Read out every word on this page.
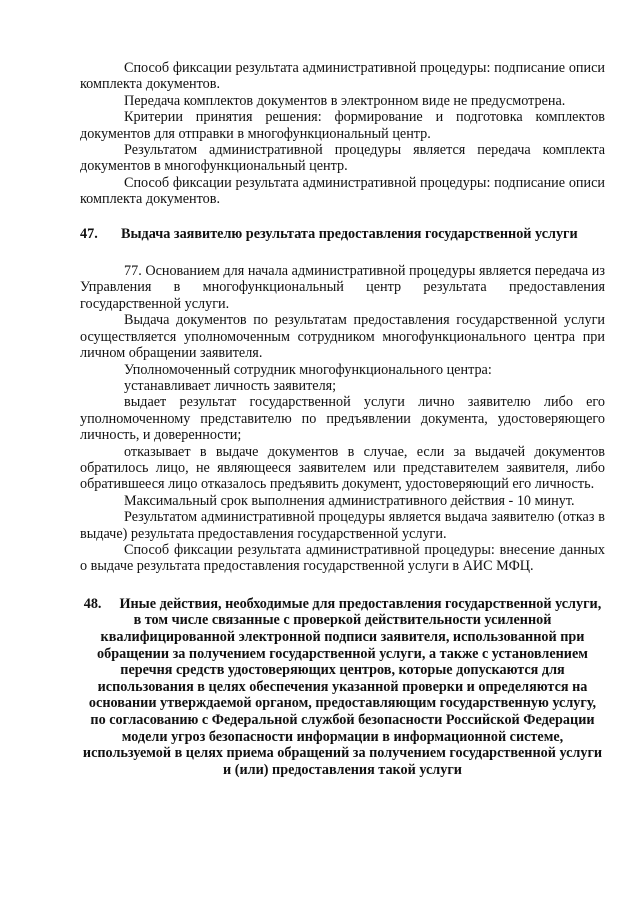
Способ фиксации результата административной процедуры: подписание описи комплекта документов.

Передача комплектов документов в электронном виде не предусмотрена.

Критерии принятия решения: формирование и подготовка комплектов документов для отправки в многофункциональный центр.

Результатом административной процедуры является передача комплекта документов в многофункциональный центр.

Способ фиксации результата административной процедуры: подписание описи комплекта документов.

47.	Выдача заявителю результата предоставления государственной услуги

77. Основанием для начала административной процедуры является передача из Управления в многофункциональный центр результата предоставления государственной услуги.

Выдача документов по результатам предоставления государственной услуги осуществляется уполномоченным сотрудником многофункционального центра при личном обращении заявителя.

Уполномоченный сотрудник многофункционального центра:

устанавливает личность заявителя;

выдает результат государственной услуги лично заявителю либо его уполномоченному представителю по предъявлении документа, удостоверяющего личность, и доверенности;

отказывает в выдаче документов в случае, если за выдачей документов обратилось лицо, не являющееся заявителем или представителем заявителя, либо обратившееся лицо отказалось предъявить документ, удостоверяющий его личность.

Максимальный срок выполнения административного действия - 10 минут.

Результатом административной процедуры является выдача заявителю (отказ в выдаче) результата предоставления государственной услуги.

Способ фиксации результата административной процедуры: внесение данных о выдаче результата предоставления государственной услуги в АИС МФЦ.

48. Иные действия, необходимые для предоставления государственной услуги, в том числе связанные с проверкой действительности усиленной квалифицированной электронной подписи заявителя, использованной при обращении за получением государственной услуги, а также с установлением перечня средств удостоверяющих центров, которые допускаются для использования в целях обеспечения указанной проверки и определяются на основании утверждаемой органом, предоставляющим государственную услугу, по согласованию с Федеральной службой безопасности Российской Федерации модели угроз безопасности информации в информационной системе, используемой в целях приема обращений за получением государственной услуги и (или) предоставления такой услуги
